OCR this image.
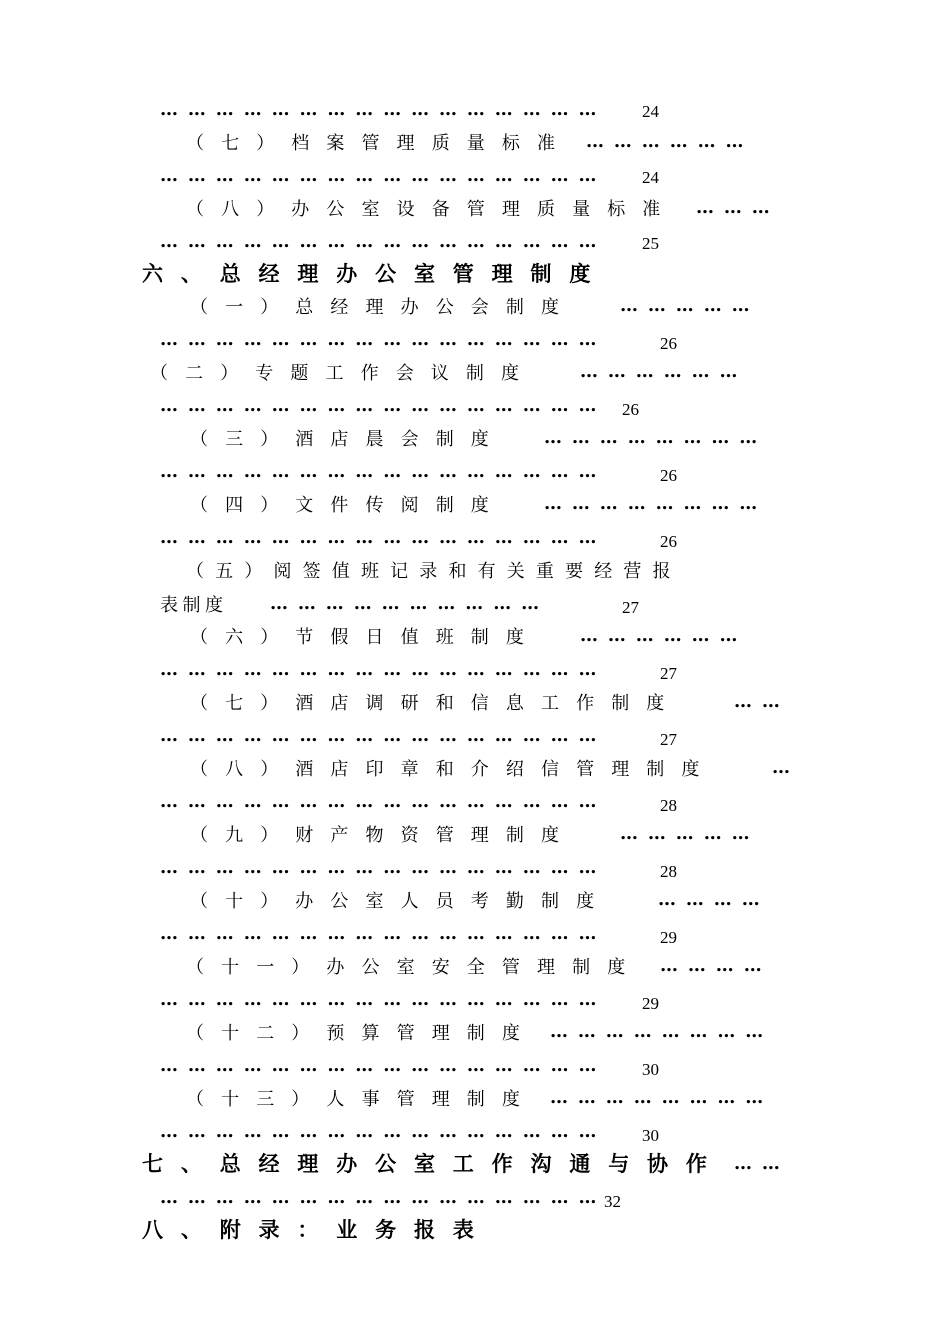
………………………………………… 24
（七）档案管理质量标准 ………………
………………………………………… 24
（八）办公室设备管理质量标准 ………
………………………………………… 25
六、总经理办公室管理制度
（一）总经理办公会制度 ……………
…………………………………………	26
（二）专题工作会议制度 ………………
………………………………………… 26
（三）酒店晨会制度 ……………………
…………………………………………	26
（四）文件传阅制度 ……………………
…………………………………………	26
（五）阅签值班记录和有关重要经营报
表制度 …………………………	27
（六）节假日值班制度 ………………
…………………………………………	27
（七）酒店调研和信息工作制度	……
…………………………………………	27
（八）酒店印章和介绍信管理制度	…
…………………………………………	28
（九）财产物资管理制度 ……………
…………………………………………	28
（十）办公室人员考勤制度	…………
…………………………………………	29
（十一）办公室安全管理制度 …………
………………………………………… 29
（十二）预算管理制度 ……………………
………………………………………… 30
（十三）人事管理制度 ……………………
………………………………………… 30
七、总经理办公室工作沟通与协作 ……
…………………………………………
32
八、附录：业务报表
